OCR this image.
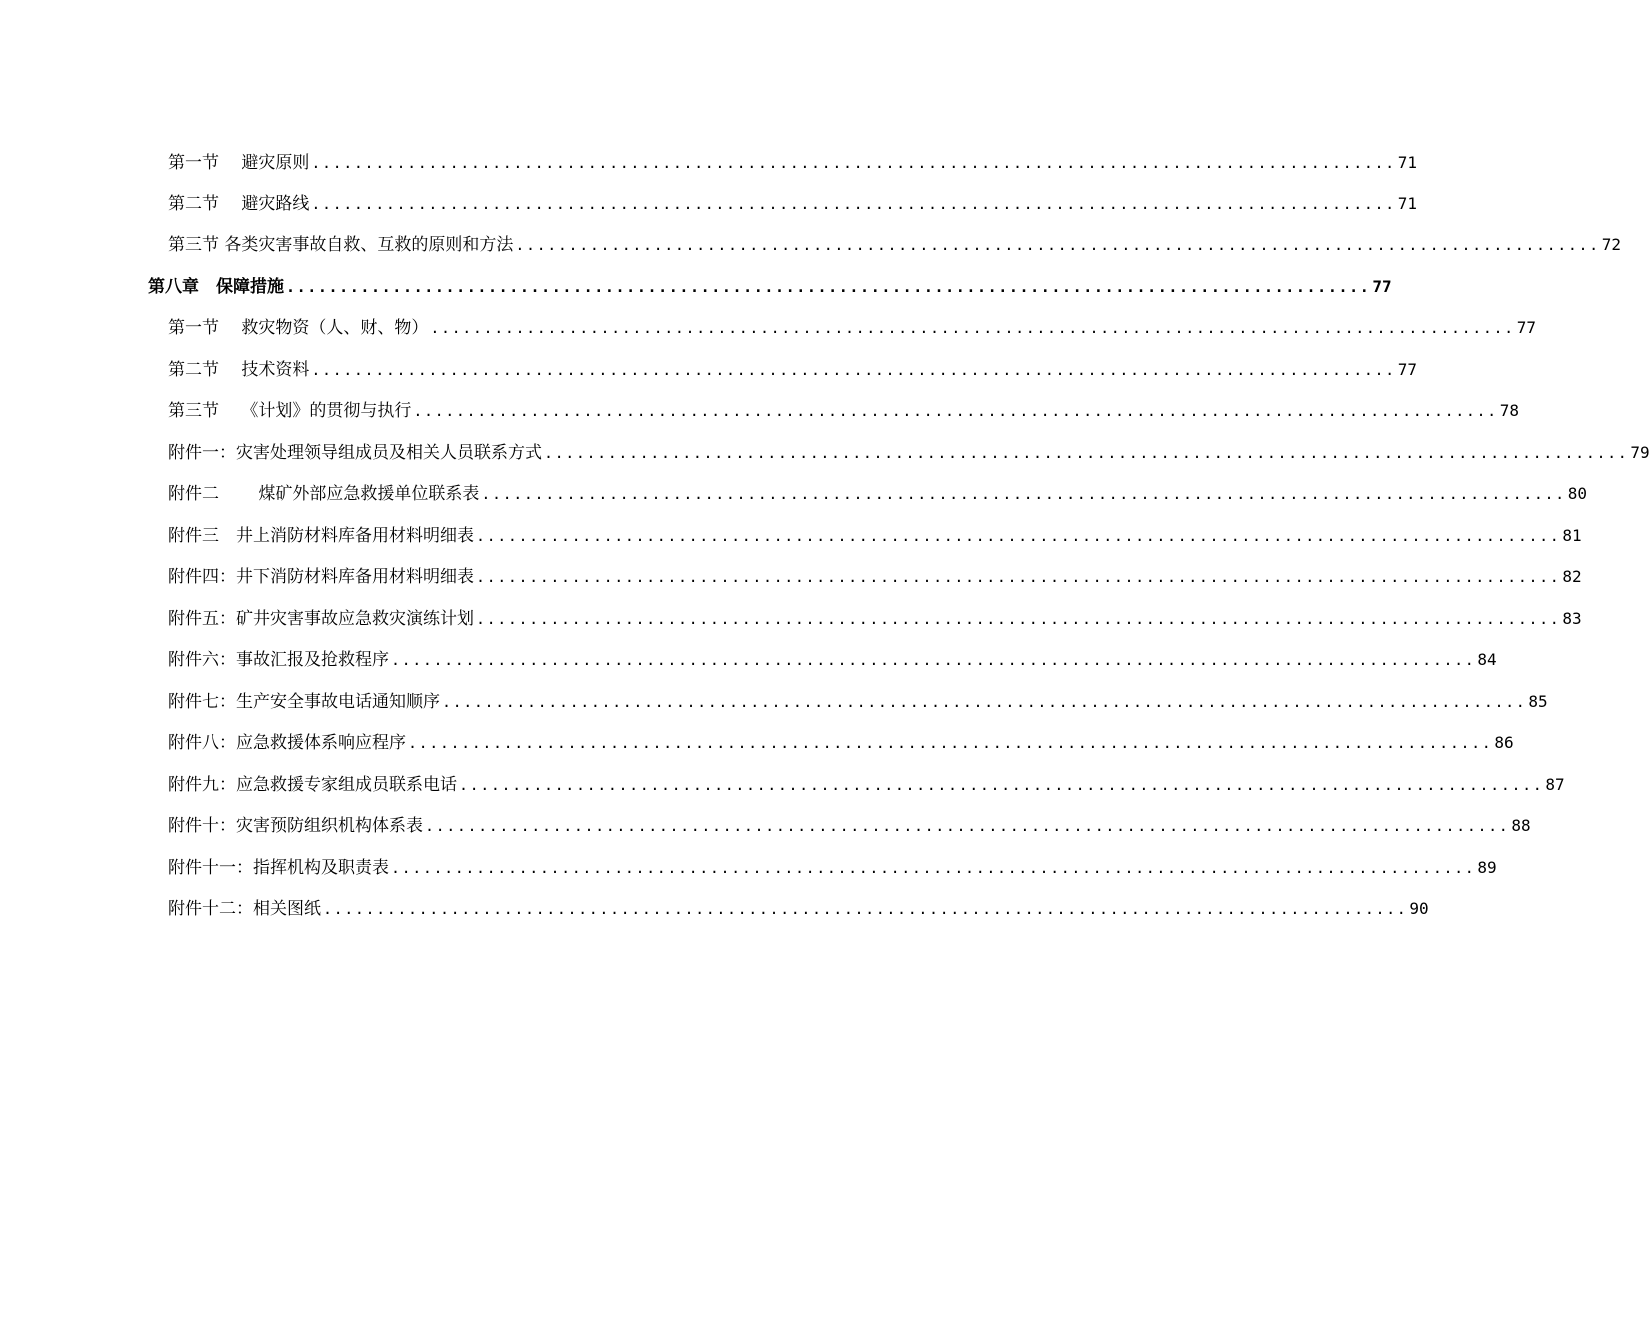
第一节　 避灾原则 ...................................................................................................... 71
第二节　 避灾路线 ...................................................................................................... 71
第三节 各类灾害事故自救、互救的原则和方法 ...................................................................................................... 72
第八章　保障措施 ...................................................................................................... 77
第一节　 救灾物资（人、财、物） ...................................................................................................... 77
第二节　 技术资料 ...................................................................................................... 77
第三节　 《计划》的贯彻与执行 ...................................................................................................... 78
附件一：灾害处理领导组成员及相关人员联系方式 ...................................................................................................... 79
附件二　　 煤矿外部应急救援单位联系表 ...................................................................................................... 80
附件三　井上消防材料库备用材料明细表 ...................................................................................................... 81
附件四：井下消防材料库备用材料明细表 ...................................................................................................... 82
附件五：矿井灾害事故应急救灾演练计划 ...................................................................................................... 83
附件六：事故汇报及抢救程序 ...................................................................................................... 84
附件七：生产安全事故电话通知顺序 ...................................................................................................... 85
附件八：应急救援体系响应程序 ...................................................................................................... 86
附件九：应急救援专家组成员联系电话 ...................................................................................................... 87
附件十：灾害预防组织机构体系表 ...................................................................................................... 88
附件十一：指挥机构及职责表 ...................................................................................................... 89
附件十二：相关图纸 ...................................................................................................... 90
